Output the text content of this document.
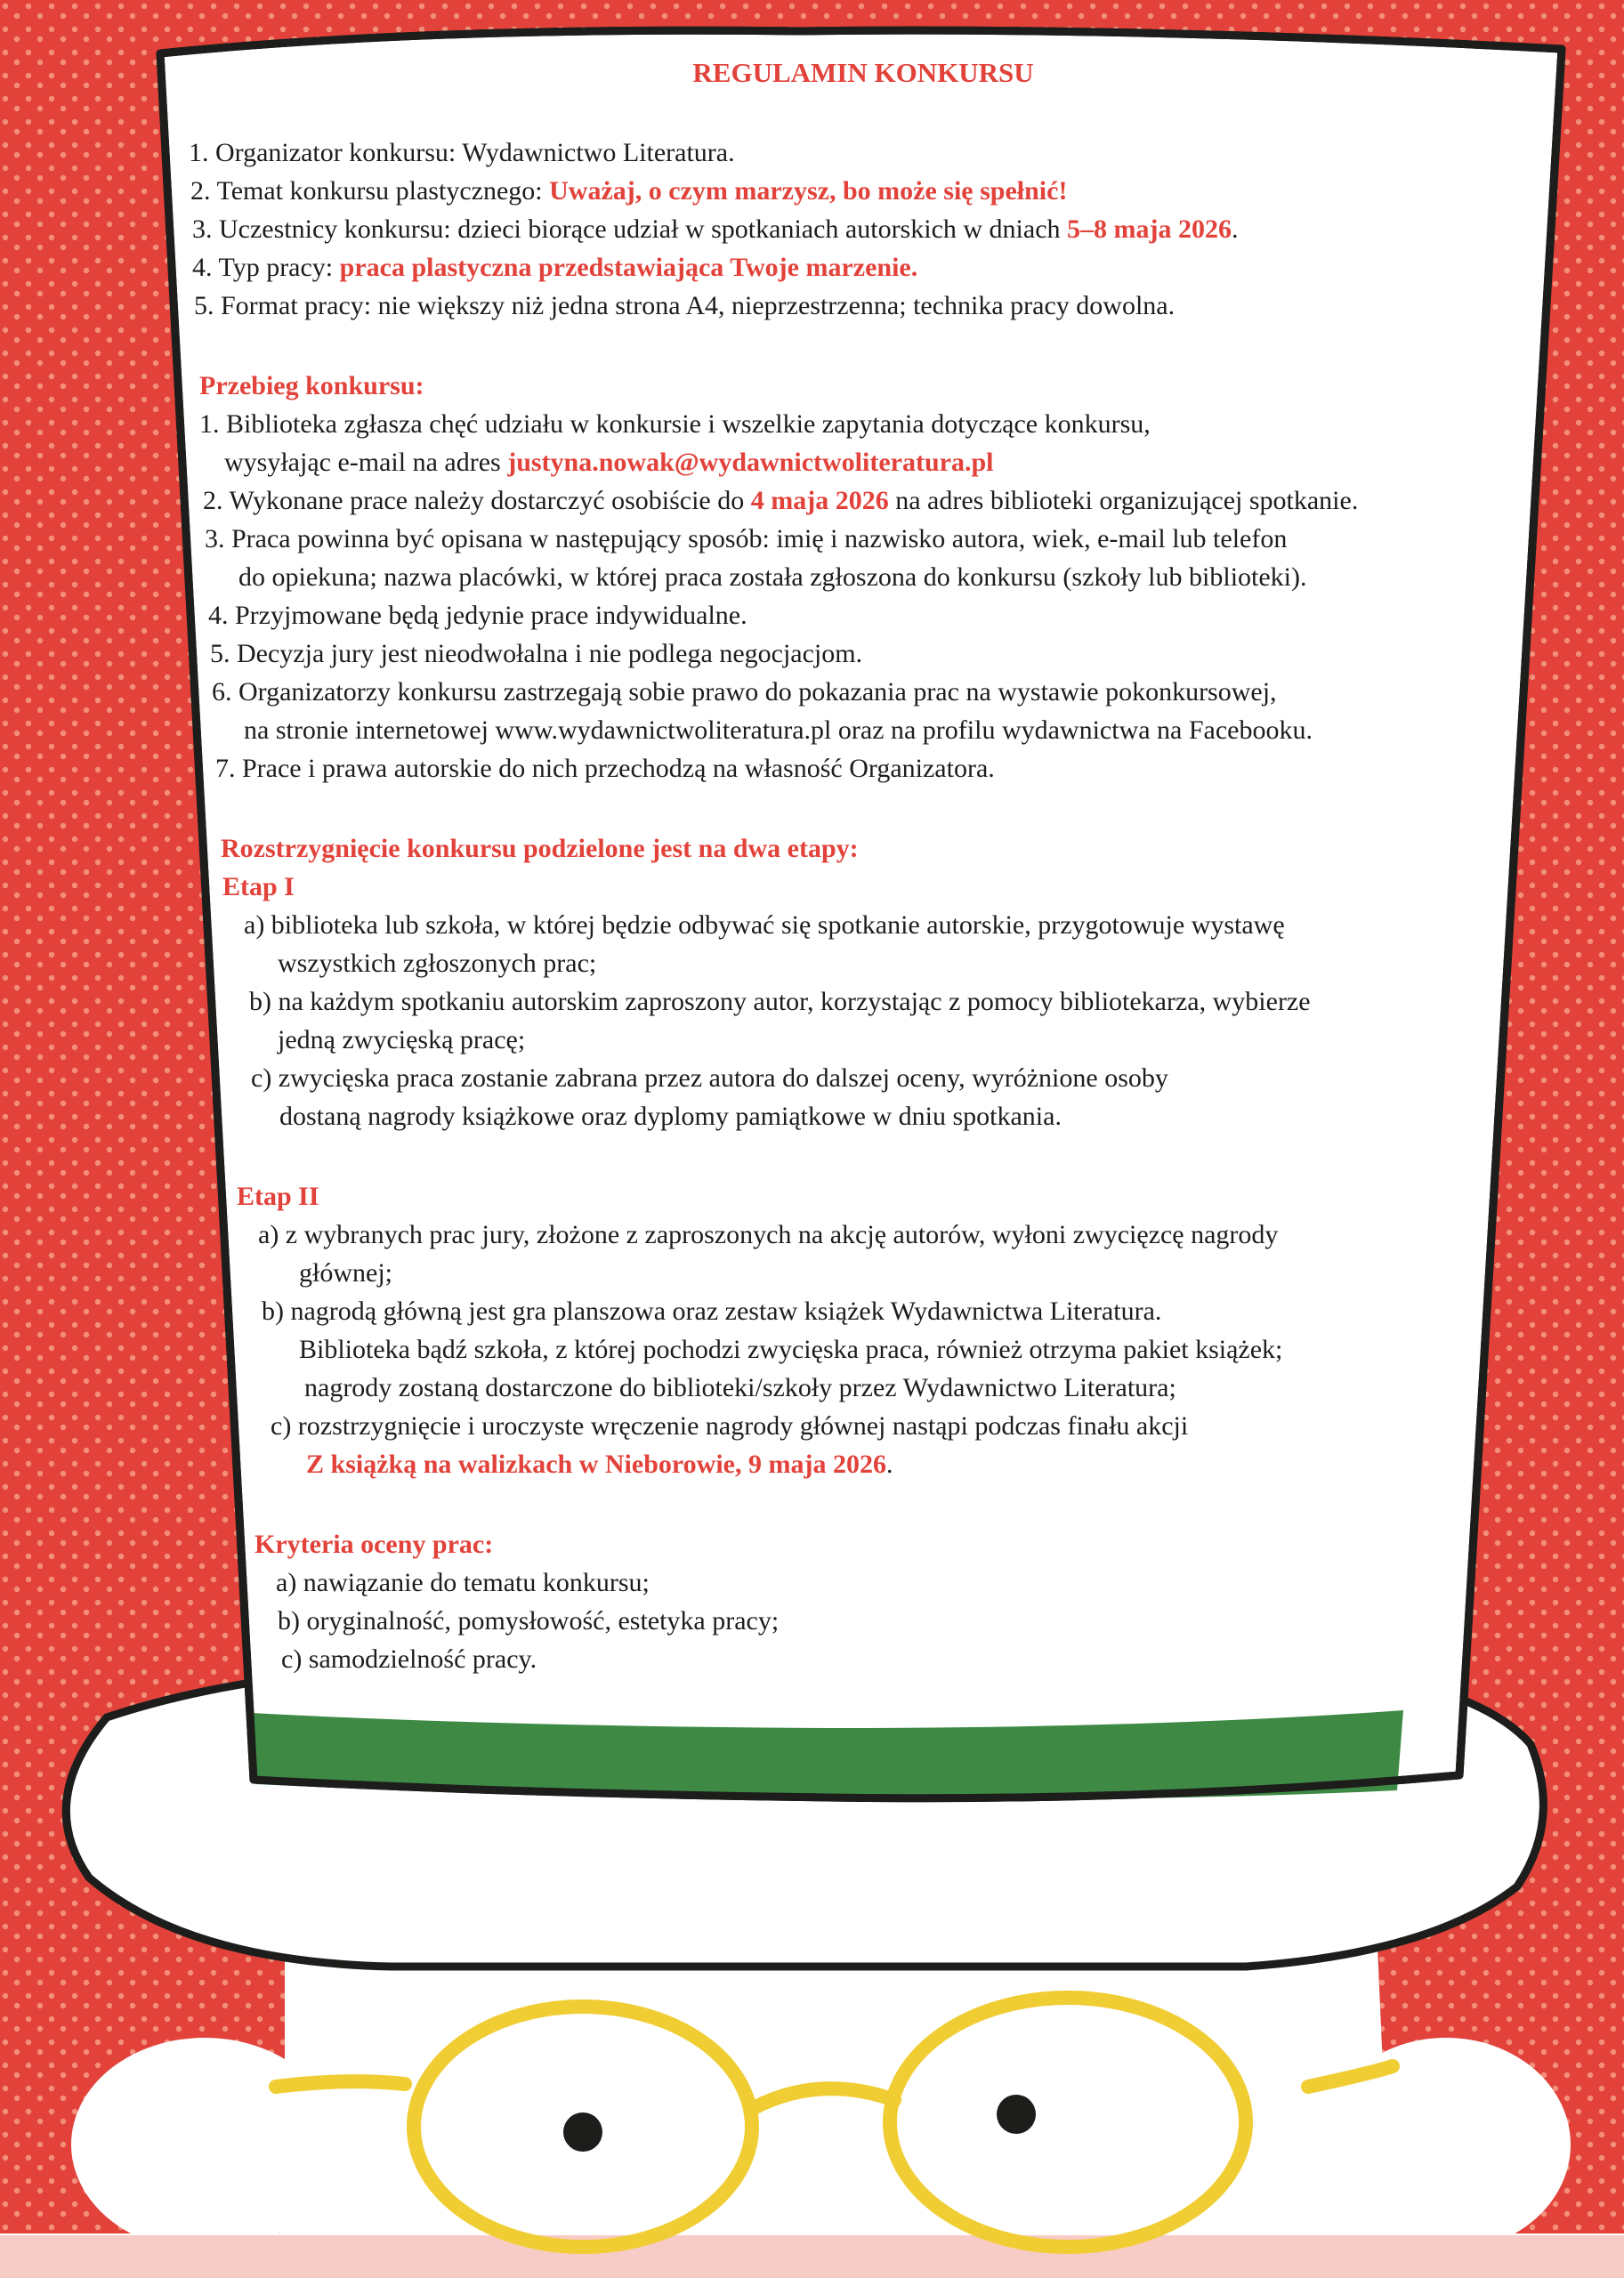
REGULAMIN KONKURSU
1. Organizator konkursu: Wydawnictwo Literatura.
2. Temat konkursu plastycznego: Uważaj, o czym marzysz, bo może się spełnić!
3. Uczestnicy konkursu: dzieci biorące udział w spotkaniach autorskich w dniach 5–8 maja 2026.
4. Typ pracy: praca plastyczna przedstawiająca Twoje marzenie.
5. Format pracy: nie większy niż jedna strona A4, nieprzestrzenna; technika pracy dowolna.
Przebieg konkursu:
1. Biblioteka zgłasza chęć udziału w konkursie i wszelkie zapytania dotyczące konkursu,
wysyłając e-mail na adres justyna.nowak@wydawnictwoliteratura.pl
2. Wykonane prace należy dostarczyć osobiście do 4 maja 2026 na adres biblioteki organizującej spotkanie.
3. Praca powinna być opisana w następujący sposób: imię i nazwisko autora, wiek, e-mail lub telefon
do opiekuna; nazwa placówki, w której praca została zgłoszona do konkursu (szkoły lub biblioteki).
4. Przyjmowane będą jedynie prace indywidualne.
5. Decyzja jury jest nieodwołalna i nie podlega negocjacjom.
6. Organizatorzy konkursu zastrzegają sobie prawo do pokazania prac na wystawie pokonkursowej,
na stronie internetowej www.wydawnictwoliteratura.pl oraz na profilu wydawnictwa na Facebooku.
7. Prace i prawa autorskie do nich przechodzą na własność Organizatora.
Rozstrzygnięcie konkursu podzielone jest na dwa etapy:
Etap I
a) biblioteka lub szkoła, w której będzie odbywać się spotkanie autorskie, przygotowuje wystawę
wszystkich zgłoszonych prac;
b) na każdym spotkaniu autorskim zaproszony autor, korzystając z pomocy bibliotekarza, wybierze
jedną zwycięską pracę;
c) zwycięska praca zostanie zabrana przez autora do dalszej oceny, wyróżnione osoby
dostaną nagrody książkowe oraz dyplomy pamiątkowe w dniu spotkania.
Etap II
a) z wybranych prac jury, złożone z zaproszonych na akcję autorów, wyłoni zwycięzcę nagrody
głównej;
b) nagrodą główną jest gra planszowa oraz zestaw książek Wydawnictwa Literatura.
Biblioteka bądź szkoła, z której pochodzi zwycięska praca, również otrzyma pakiet książek;
nagrody zostaną dostarczone do biblioteki/szkoły przez Wydawnictwo Literatura;
c) rozstrzygnięcie i uroczyste wręczenie nagrody głównej nastąpi podczas finału akcji
Z książką na walizkach w Nieborowie, 9 maja 2026.
Kryteria oceny prac:
a) nawiązanie do tematu konkursu;
b) oryginalność, pomysłowość, estetyka pracy;
c) samodzielność pracy.
